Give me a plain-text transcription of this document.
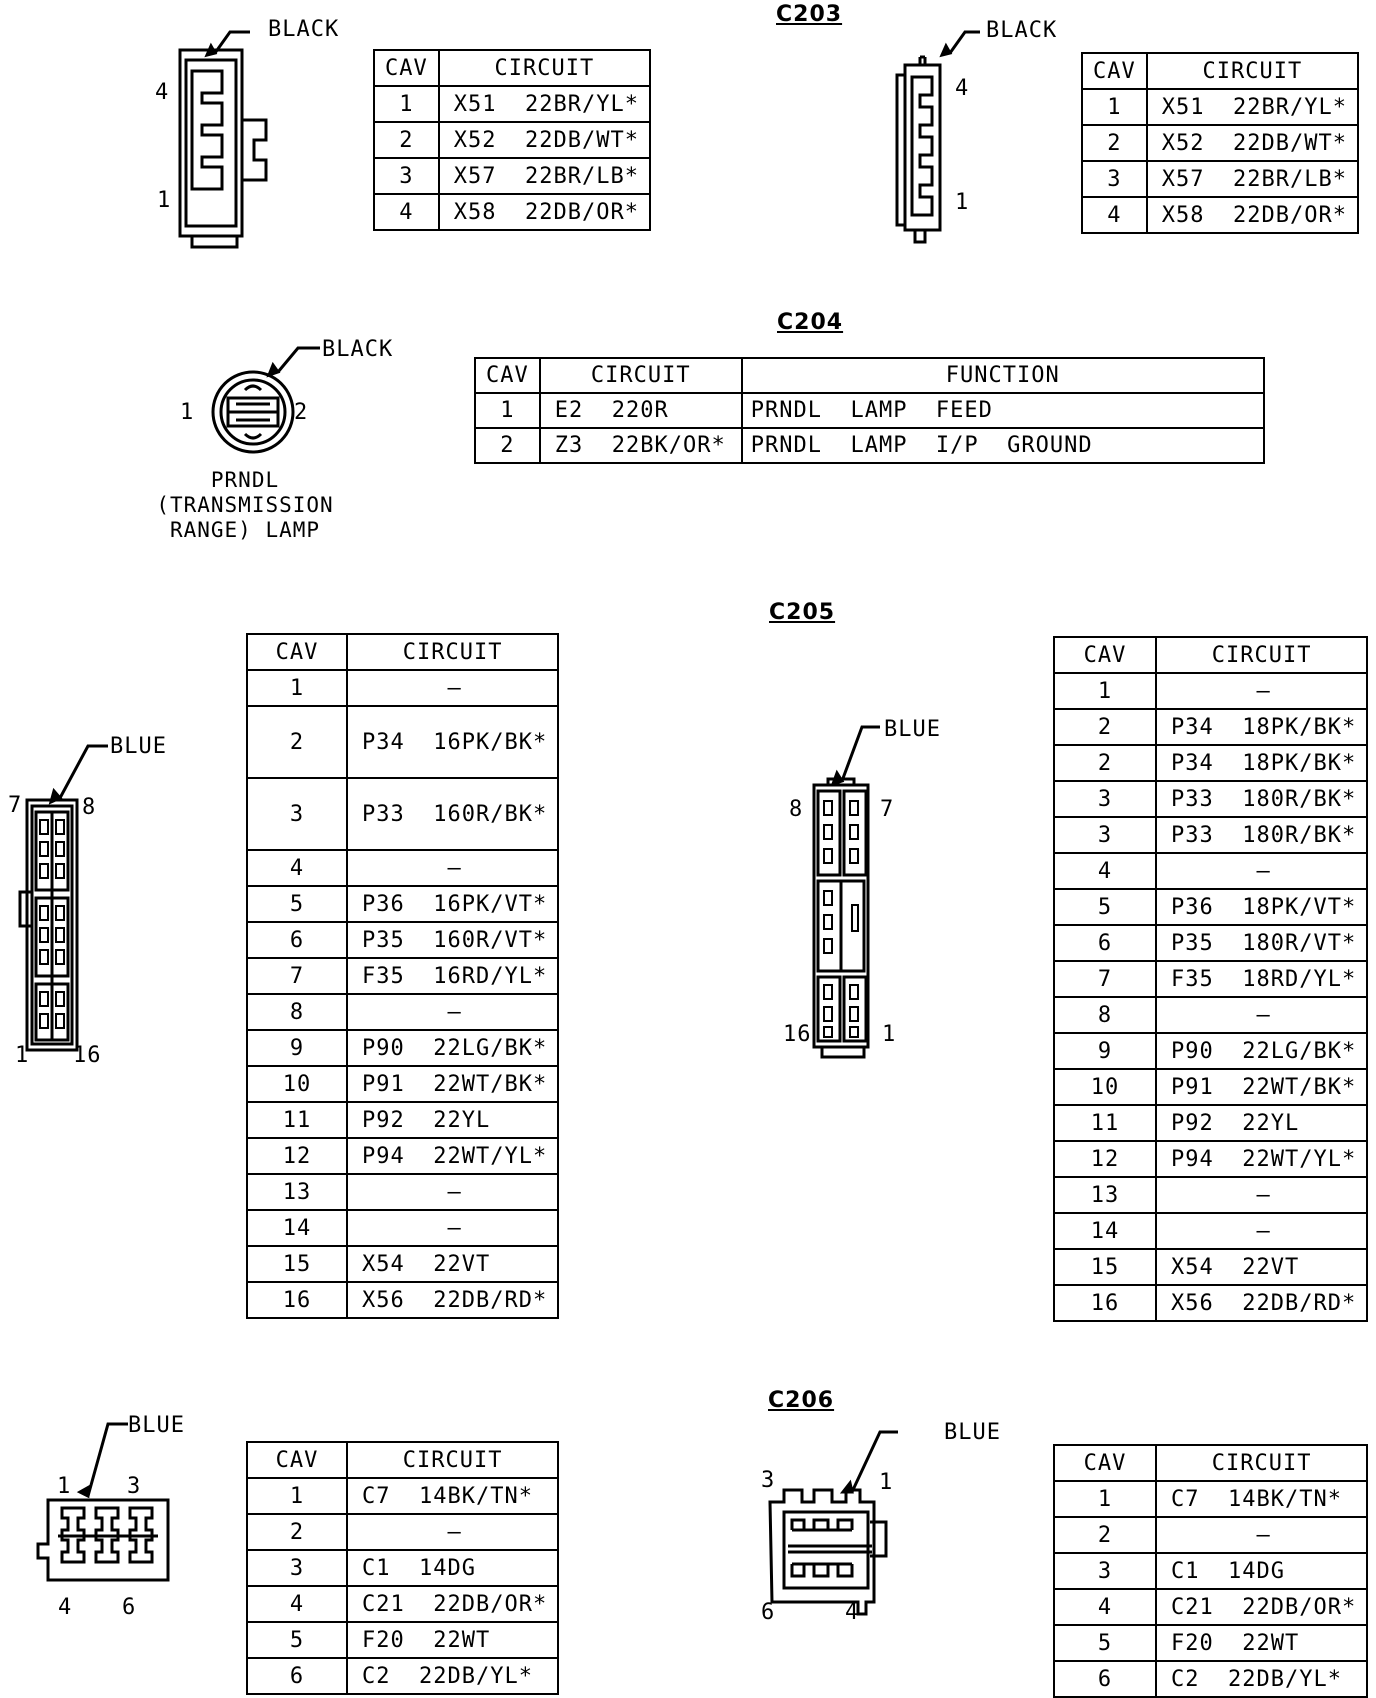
C203
BLACK
4
1
CAV	CIRCUIT
1	X51  22BR/YL*
2	X52  22DB/WT*
3	X57  22BR/LB*
4	X58  22DB/OR*
BLACK
4
1
CAV	CIRCUIT
1	X51  22BR/YL*
2	X52  22DB/WT*
3	X57  22BR/LB*
4	X58  22DB/OR*
C204
BLACK
1	2
PRNDL
(TRANSMISSION
RANGE) LAMP
CAV	CIRCUIT	FUNCTION
1	E2  220R	PRNDL  LAMP  FEED
2	Z3  22BK/OR*	PRNDL  LAMP  I/P  GROUND
C205
BLUE
7	8
1 16
CAV	CIRCUIT
1	—
2	P34  16PK/BK*
3	P33  160R/BK*
4	—
5	P36  16PK/VT*
6	P35  160R/VT*
7	F35  16RD/YL*
8	—
9	P90  22LG/BK*
10	P91  22WT/BK*
11	P92  22YL
12	P94  22WT/YL*
13	—
14	—
15	X54  22VT
16	X56  22DB/RD*
BLUE
8	7
16	1
CAV	CIRCUIT
1	—
2	P34  18PK/BK*
2	P34  18PK/BK*
3	P33  180R/BK*
3	P33  180R/BK*
4	—
5	P36  18PK/VT*
6	P35  180R/VT*
7	F35  18RD/YL*
8	—
9	P90  22LG/BK*
10	P91  22WT/BK*
11	P92  22YL
12	P94  22WT/YL*
13	—
14	—
15	X54  22VT
16	X56  22DB/RD*
C206
BLUE
1	3
4 6
CAV	CIRCUIT
1	C7  14BK/TN*
2	—
3	C1  14DG
4	C21  22DB/OR*
5	F20  22WT
6	C2  22DB/YL*
BLUE
3	1
6	4
CAV	CIRCUIT
1	C7  14BK/TN*
2	—
3	C1  14DG
4	C21  22DB/OR*
5	F20  22WT
6	C2  22DB/YL*
